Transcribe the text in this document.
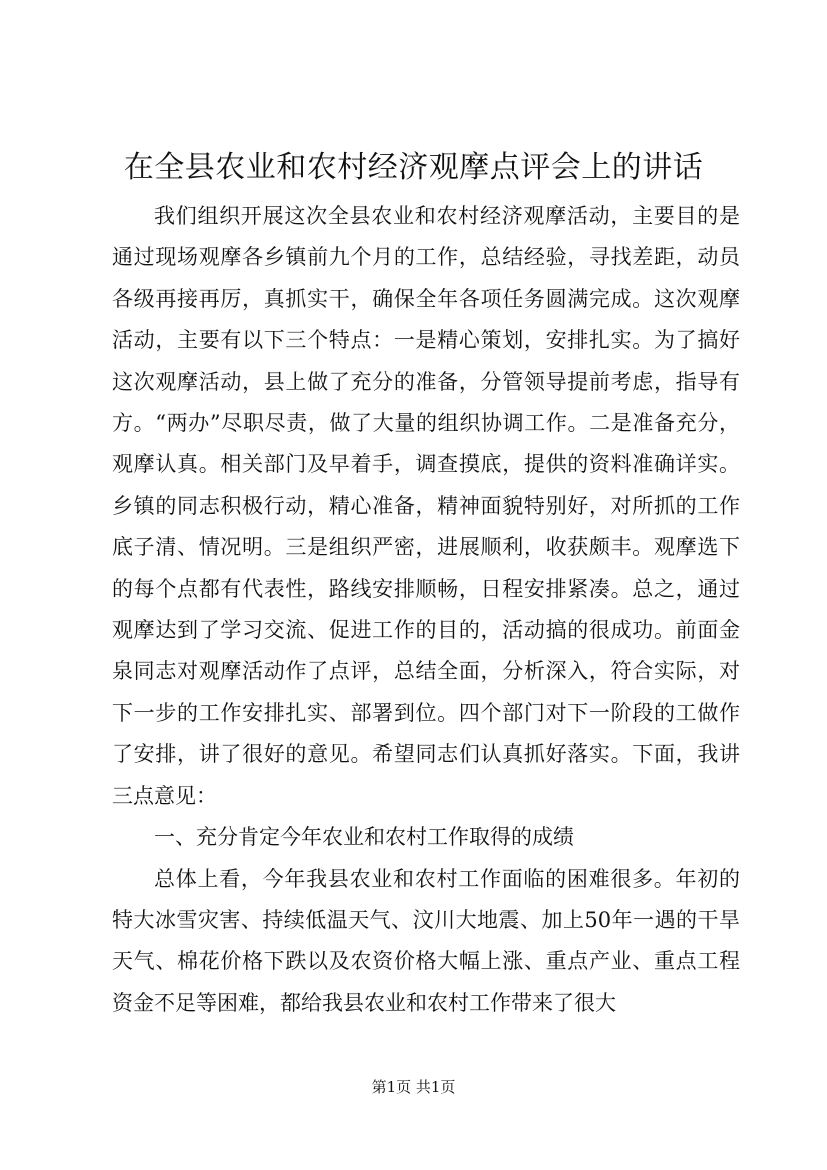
在全县农业和农村经济观摩点评会上的讲话

我们组织开展这次全县农业和农村经济观摩活动，主要目的是通过现场观摩各乡镇前九个月的工作，总结经验，寻找差距，动员各级再接再厉，真抓实干，确保全年各项任务圆满完成。这次观摩活动，主要有以下三个特点：一是精心策划，安排扎实。为了搞好这次观摩活动，县上做了充分的准备，分管领导提前考虑，指导有方。“两办”尽职尽责，做了大量的组织协调工作。二是准备充分，观摩认真。相关部门及早着手，调查摸底，提供的资料准确详实。乡镇的同志积极行动，精心准备，精神面貌特别好，对所抓的工作底子清、情况明。三是组织严密，进展顺利，收获颇丰。观摩选下的每个点都有代表性，路线安排顺畅，日程安排紧凑。总之，通过观摩达到了学习交流、促进工作的目的，活动搞的很成功。前面金泉同志对观摩活动作了点评，总结全面，分析深入，符合实际，对下一步的工作安排扎实、部署到位。四个部门对下一阶段的工做作了安排，讲了很好的意见。希望同志们认真抓好落实。下面，我讲三点意见：

一、充分肯定今年农业和农村工作取得的成绩

总体上看，今年我县农业和农村工作面临的困难很多。年初的特大冰雪灾害、持续低温天气、汶川大地震、加上50年一遇的干旱天气、棉花价格下跌以及农资价格大幅上涨、重点产业、重点工程资金不足等困难，都给我县农业和农村工作带来了很大

第1页 共1页
